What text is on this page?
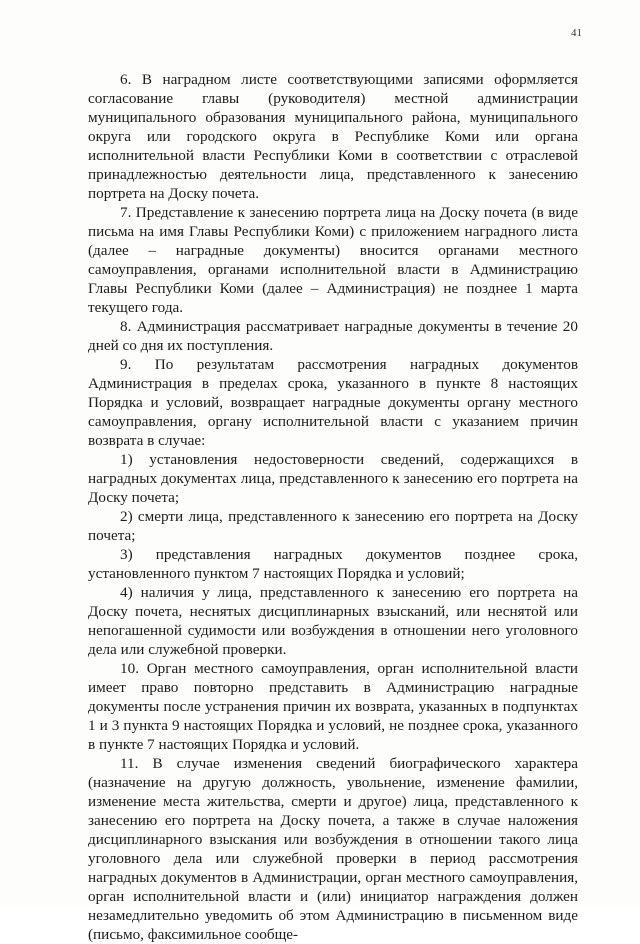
41

6. В наградном листе соответствующими записями оформляется согласование главы (руководителя) местной администрации муниципального образования муниципального района, муниципального округа или городского округа в Республике Коми или органа исполнительной власти Республики Коми в соответствии с отраслевой принадлежностью деятельности лица, представленного к занесению портрета на Доску почета.

7. Представление к занесению портрета лица на Доску почета (в виде письма на имя Главы Республики Коми) с приложением наградного листа (далее – наградные документы) вносится органами местного самоуправления, органами исполнительной власти в Администрацию Главы Республики Коми (далее – Администрация) не позднее 1 марта текущего года.

8. Администрация рассматривает наградные документы в течение 20 дней со дня их поступления.

9. По результатам рассмотрения наградных документов Администрация в пределах срока, указанного в пункте 8 настоящих Порядка и условий, возвращает наградные документы органу местного самоуправления, органу исполнительной власти с указанием причин возврата в случае:

1) установления недостоверности сведений, содержащихся в наградных документах лица, представленного к занесению его портрета на Доску почета;

2) смерти лица, представленного к занесению его портрета на Доску почета;

3) представления наградных документов позднее срока, установленного пунктом 7 настоящих Порядка и условий;

4) наличия у лица, представленного к занесению его портрета на Доску почета, неснятых дисциплинарных взысканий, или неснятой или непогашенной судимости или возбуждения в отношении него уголовного дела или служебной проверки.

10. Орган местного самоуправления, орган исполнительной власти имеет право повторно представить в Администрацию наградные документы после устранения причин их возврата, указанных в подпунктах 1 и 3 пункта 9 настоящих Порядка и условий, не позднее срока, указанного в пункте 7 настоящих Порядка и условий.

11. В случае изменения сведений биографического характера (назначение на другую должность, увольнение, изменение фамилии, изменение места жительства, смерти и другое) лица, представленного к занесению его портрета на Доску почета, а также в случае наложения дисциплинарного взыскания или возбуждения в отношении такого лица уголовного дела или служебной проверки в период рассмотрения наградных документов в Администрации, орган местного самоуправления, орган исполнительной власти и (или) инициатор награждения должен незамедлительно уведомить об этом Администрацию в письменном виде (письмо, факсимильное сообще-
